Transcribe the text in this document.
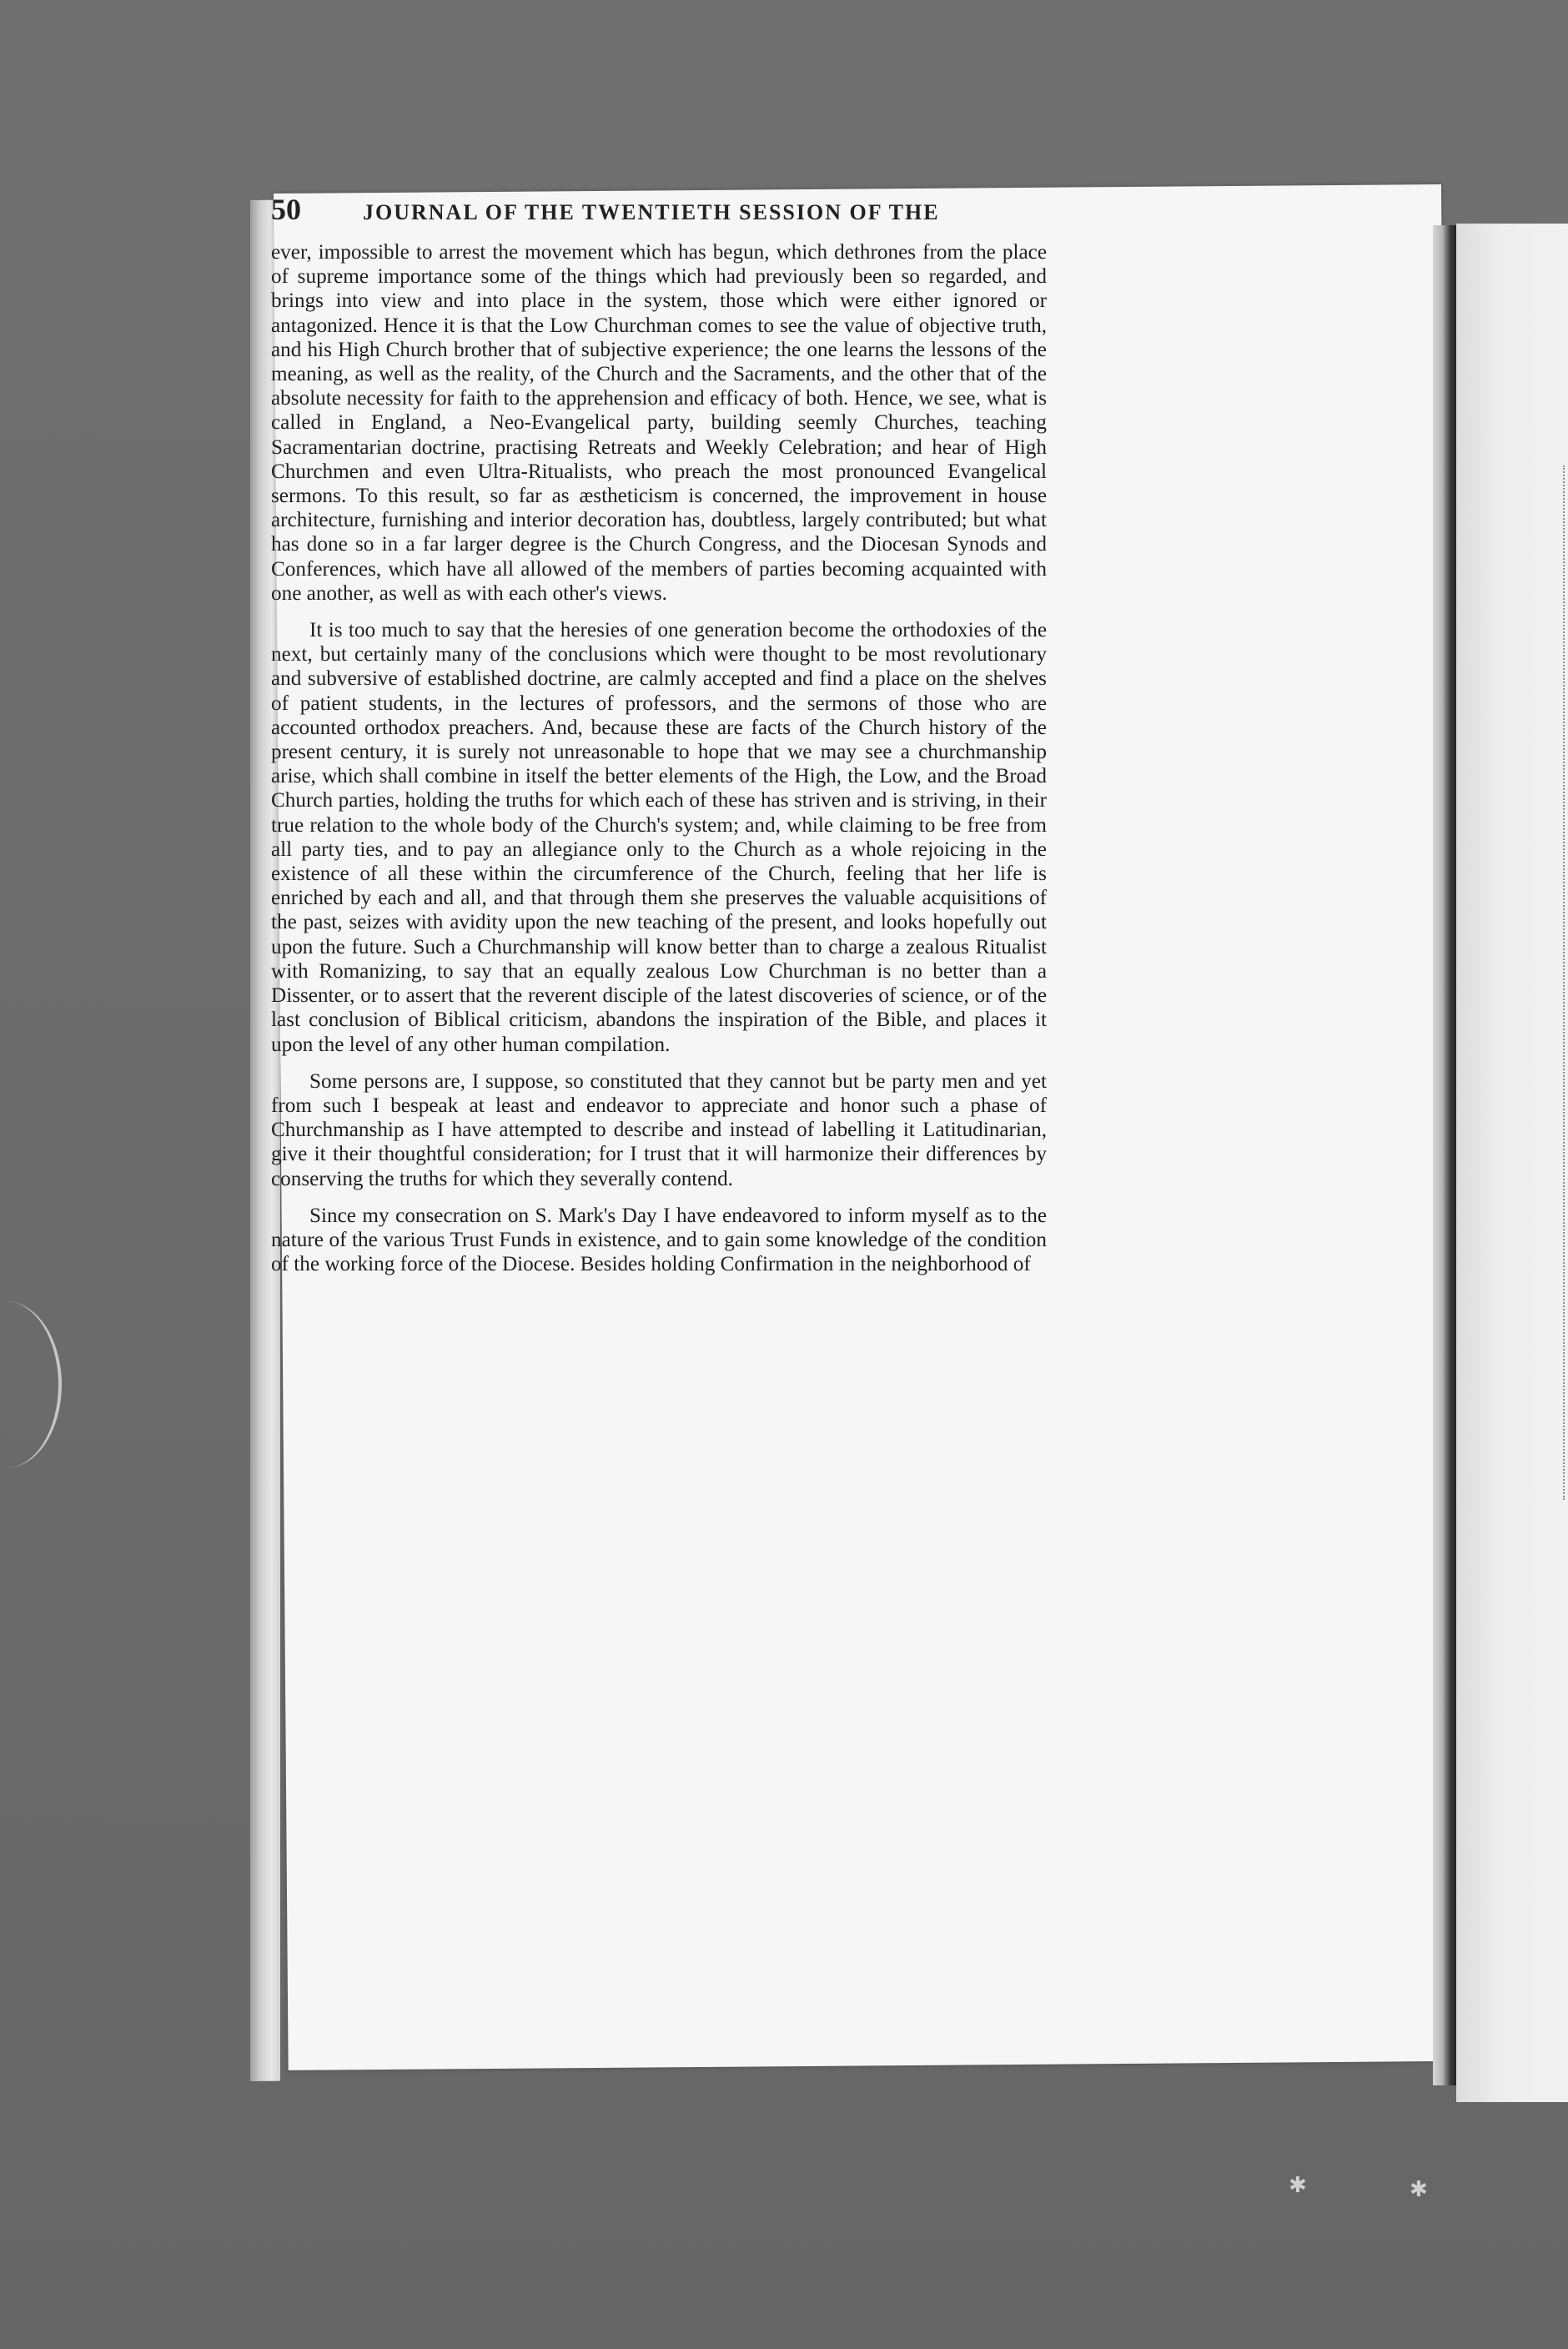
✱	✱
50	JOURNAL OF THE TWENTIETH SESSION OF THE

ever, impossible to arrest the movement which has begun, which dethrones from the place of supreme importance some of the things which had previously been so regarded, and brings into view and into place in the system, those which were either ignored or antagonized. Hence it is that the Low Churchman comes to see the value of objective truth, and his High Church brother that of subjective experience; the one learns the lessons of the meaning, as well as the reality, of the Church and the Sacraments, and the other that of the absolute necessity for faith to the apprehension and efficacy of both. Hence, we see, what is called in England, a Neo-Evangelical party, building seemly Churches, teaching Sacramentarian doctrine, practising Retreats and Weekly Celebration; and hear of High Churchmen and even Ultra-Ritualists, who preach the most pronounced Evangelical sermons. To this result, so far as æstheticism is concerned, the improvement in house architecture, furnishing and interior decoration has, doubtless, largely contributed; but what has done so in a far larger degree is the Church Congress, and the Diocesan Synods and Conferences, which have all allowed of the members of parties becoming acquainted with one another, as well as with each other's views.

It is too much to say that the heresies of one generation become the orthodoxies of the next, but certainly many of the conclusions which were thought to be most revolutionary and subversive of established doctrine, are calmly accepted and find a place on the shelves of patient students, in the lectures of professors, and the sermons of those who are accounted orthodox preachers. And, because these are facts of the Church history of the present century, it is surely not unreasonable to hope that we may see a churchmanship arise, which shall combine in itself the better elements of the High, the Low, and the Broad Church parties, holding the truths for which each of these has striven and is striving, in their true relation to the whole body of the Church's system; and, while claiming to be free from all party ties, and to pay an allegiance only to the Church as a whole rejoicing in the existence of all these within the circumference of the Church, feeling that her life is enriched by each and all, and that through them she preserves the valuable acquisitions of the past, seizes with avidity upon the new teaching of the present, and looks hopefully out upon the future. Such a Churchmanship will know better than to charge a zealous Ritualist with Romanizing, to say that an equally zealous Low Churchman is no better than a Dissenter, or to assert that the reverent disciple of the latest discoveries of science, or of the last conclusion of Biblical criticism, abandons the inspiration of the Bible, and places it upon the level of any other human compilation.

Some persons are, I suppose, so constituted that they cannot but be party men and yet from such I bespeak at least and endeavor to appreciate and honor such a phase of Churchmanship as I have attempted to describe and instead of labelling it Latitudinarian, give it their thoughtful consideration; for I trust that it will harmonize their differences by conserving the truths for which they severally contend.

Since my consecration on S. Mark's Day I have endeavored to inform myself as to the nature of the various Trust Funds in existence, and to gain some knowledge of the condition of the working force of the Diocese. Besides holding Confirmation in the neighborhood of
